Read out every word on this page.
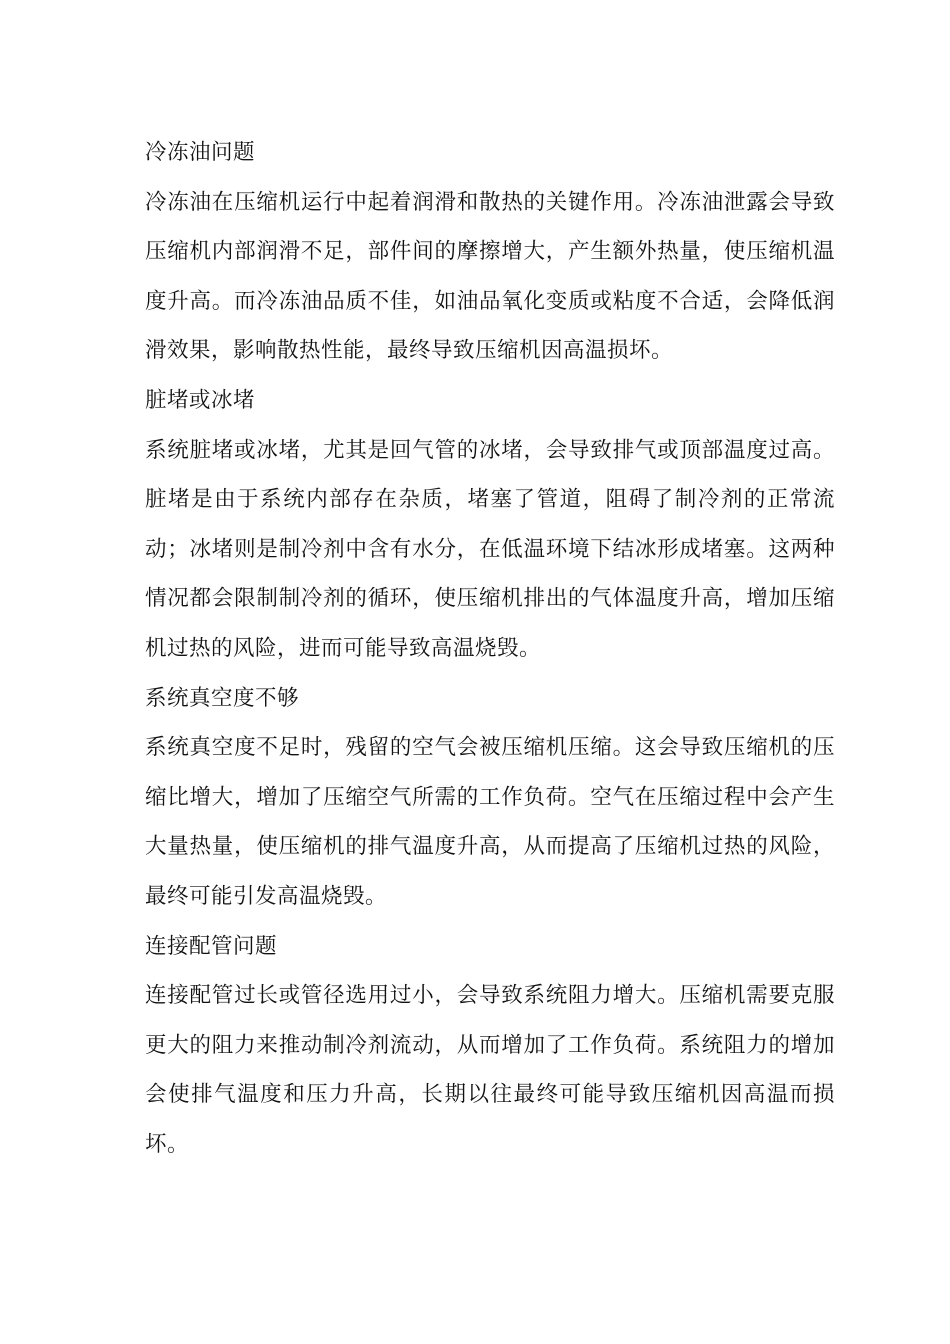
冷冻油问题

冷冻油在压缩机运行中起着润滑和散热的关键作用。冷冻油泄露会导致压缩机内部润滑不足，部件间的摩擦增大，产生额外热量，使压缩机温度升高。而冷冻油品质不佳，如油品氧化变质或粘度不合适，会降低润滑效果，影响散热性能，最终导致压缩机因高温损坏。

脏堵或冰堵

系统脏堵或冰堵，尤其是回气管的冰堵，会导致排气或顶部温度过高。脏堵是由于系统内部存在杂质，堵塞了管道，阻碍了制冷剂的正常流动；冰堵则是制冷剂中含有水分，在低温环境下结冰形成堵塞。这两种情况都会限制制冷剂的循环，使压缩机排出的气体温度升高，增加压缩机过热的风险，进而可能导致高温烧毁。

系统真空度不够

系统真空度不足时，残留的空气会被压缩机压缩。这会导致压缩机的压缩比增大，增加了压缩空气所需的工作负荷。空气在压缩过程中会产生大量热量，使压缩机的排气温度升高，从而提高了压缩机过热的风险，最终可能引发高温烧毁。

连接配管问题

连接配管过长或管径选用过小，会导致系统阻力增大。压缩机需要克服更大的阻力来推动制冷剂流动，从而增加了工作负荷。系统阻力的增加会使排气温度和压力升高，长期以往最终可能导致压缩机因高温而损坏。
